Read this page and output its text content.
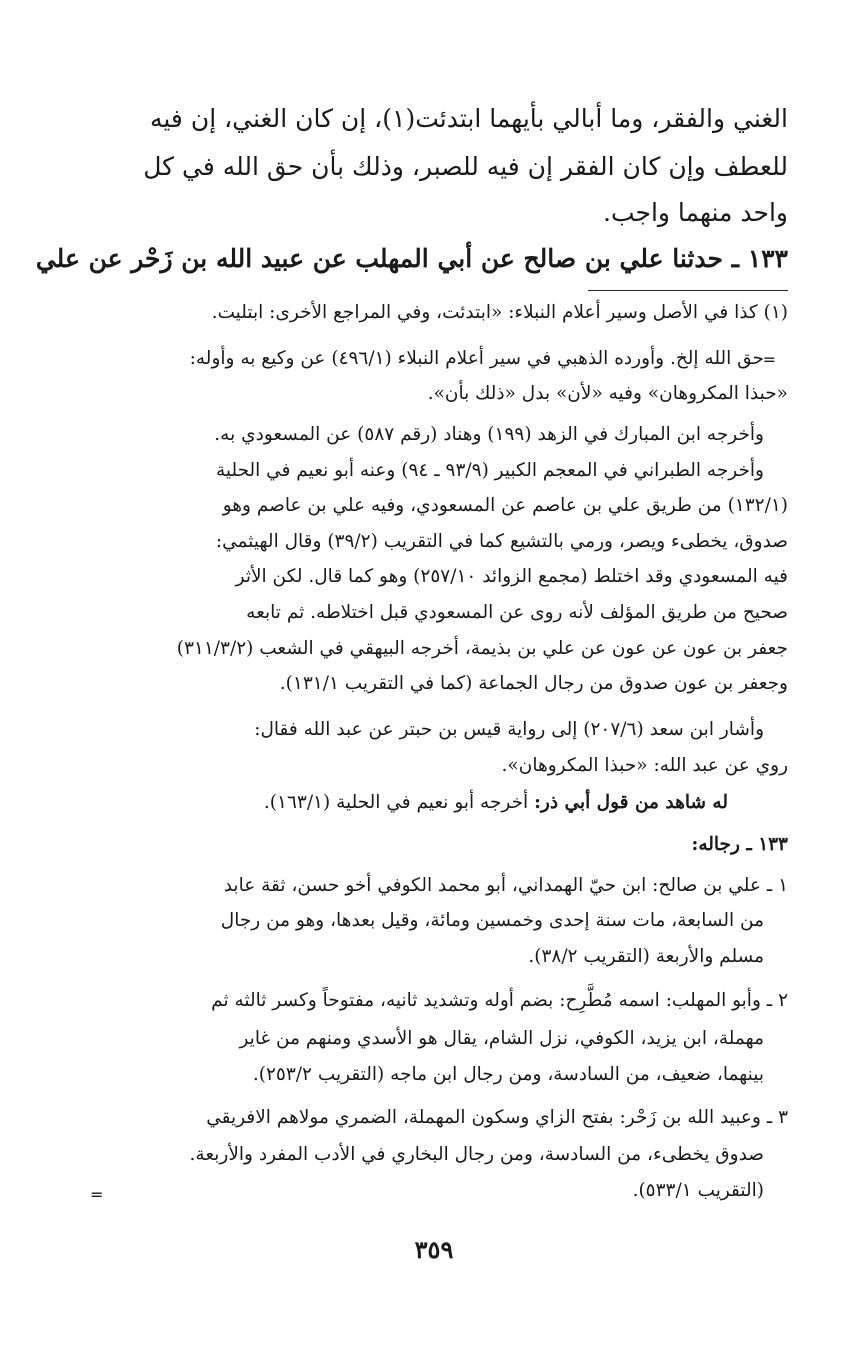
الغني والفقر، وما أبالي بأيهما ابتدئت(١)، إن كان الغني، إن فيه
للعطف وإن كان الفقر إن فيه للصبر، وذلك بأن حق الله في كل
واحد منهما واجب.
١٣٣ ـ حدثنا علي بن صالح عن أبي المهلب عن عبيد الله بن زَحْر عن علي
(١) كذا في الأصل وسير أعلام النبلاء: «ابتدئت، وفي المراجع الأخرى: ابتليت.
=
حق الله إلخ. وأورده الذهبي في سير أعلام النبلاء (٤٩٦/١) عن وكيع به وأوله:
«حبذا المكروهان» وفيه «لأن» بدل «ذلك بأن».
وأخرجه ابن المبارك في الزهد (١٩٩) وهناد (رقم ٥٨٧) عن المسعودي به.
وأخرجه الطبراني في المعجم الكبير (٩٣/٩ ـ ٩٤) وعنه أبو نعيم في الحلية
(١٣٢/١) من طريق علي بن عاصم عن المسعودي، وفيه علي بن عاصم وهو
صدوق، يخطىء ويصر، ورمي بالتشيع كما في التقريب (٣٩/٢) وقال الهيثمي:
فيه المسعودي وقد اختلط (مجمع الزوائد ٢٥٧/١٠) وهو كما قال. لكن الأثر
صحيح من طريق المؤلف لأنه روى عن المسعودي قبل اختلاطه. ثم تابعه
جعفر بن عون عن عون عن علي بن بذيمة، أخرجه البيهقي في الشعب (٣١١/٣/٢)
وجعفر بن عون صدوق من رجال الجماعة (كما في التقريب ١٣١/١).
وأشار ابن سعد (٢٠٧/٦) إلى رواية قيس بن حبتر عن عبد الله فقال:
روي عن عبد الله: «حبذا المكروهان».
له شاهد من قول أبي ذر: أخرجه أبو نعيم في الحلية (١٦٣/١).
١٣٣ ـ رجاله:
١ ـ علي بن صالح: ابن حيّ الهمداني، أبو محمد الكوفي أخو حسن، ثقة عابد
من السابعة، مات سنة إحدى وخمسين ومائة، وقيل بعدها، وهو من رجال
مسلم والأربعة (التقريب ٣٨/٢).
٢ ـ وأبو المهلب: اسمه مُطَّرِح: بضم أوله وتشديد ثانيه، مفتوحاً وكسر ثالثه ثم
مهملة، ابن يزيد، الكوفي، نزل الشام، يقال هو الأسدي ومنهم من غاير
بينهما، ضعيف، من السادسة، ومن رجال ابن ماجه (التقريب ٢٥٣/٢).
٣ ـ وعبيد الله بن زَحْر: بفتح الزاي وسكون المهملة، الضمري مولاهم الافريقي
صدوق يخطىء، من السادسة، ومن رجال البخاري في الأدب المفرد والأربعة.
(التقريب ٥٣٣/١).
=
٣٥٩
